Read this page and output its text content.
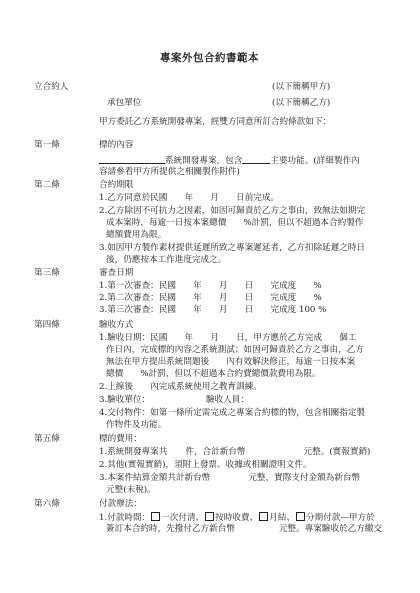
專案外包合約書範本
立合約人	(以下簡稱甲方)
承包單位	(以下簡稱乙方)
甲方委託乙方系統開發專案，經雙方同意所訂合約條款如下：
第一條	標的內容
系統開發專案，包含	主要功能。(詳細製作內
容請參看甲方所提供之相關製作附件)
第二條	合約期限
1.乙方同意於民國　　年　　月　　日前完成。
2.乙方除因不可抗力之因素，如因可歸責於乙方之事由，致無法如期完
成本案時，每逾一日按本案總價　　%計罰，但以不超過本合約製作
總額費用為限。
3.如因甲方製作素材提供延遲所致之專案遲延者，乙方扣除延遲之時日
後，仍應按本工作進度完成之。
第三條	審查日期
1.第一次審查：民國　　年　　月　　日　　完成度　　%
2.第二次審查：民國　　年　　月　　日　　完成度　　%
3.第三次審查：民國　　年　　月　　日　　完成度 100 %
第四條	驗收方式
1.驗收日期：民國　　年　　月　　日，甲方應於乙方完成　　個工
作日內，完成標的內容之系統測試；如因可歸責於乙方之事由，乙方
無法在甲方提出系統問題後　　內有效解決修正，每逾一日按本案
總價　　%計罰，但以不超過本合約費總價款費用為限。
2.上線後　　內完成系統使用之教育訓練。
3.驗收單位：　　　　　　　驗收人員：
4.交付物件：如第一條所定需完成之專案合約標的物，包含相關指定製
作物件及功能。
第五條	標的費用：
1.系統開發專案共 件，合計新台幣	元整。(實報實銷)
2.其他(實報實銷)，須附上發票、收據或相關證明文件。
3.本案件結算金額共計新台幣	元整，實際支付金額為新台幣
元整(未稅)。
第六條	付款辦法：
1.付款時間： 一次付清、 按時收費、 月結、 分期付款—甲方於
簽訂本合約時，先撥付乙方新台幣	元整。專案驗收於乙方繳交
